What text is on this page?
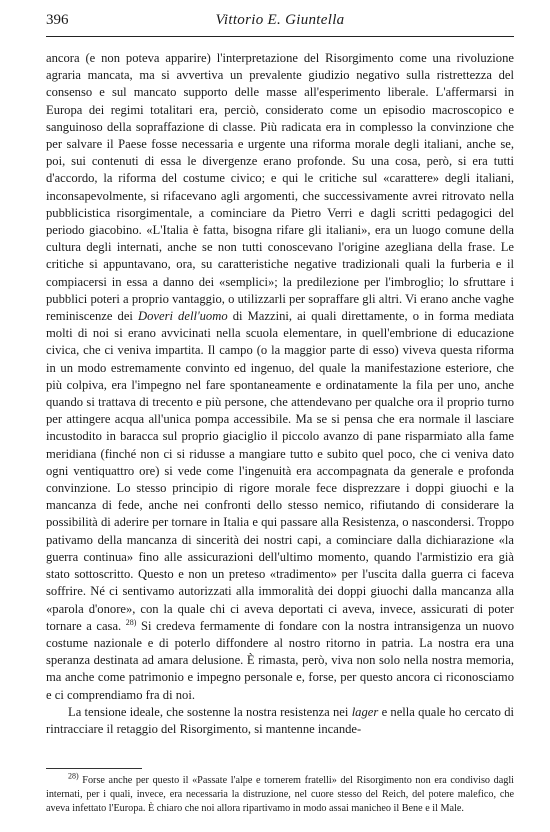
396	Vittorio E. Giuntella

ancora (e non poteva apparire) l'interpretazione del Risorgimento come una rivoluzione agraria mancata, ma si avvertiva un prevalente giudizio negativo sulla ristrettezza del consenso e sul mancato supporto delle masse all'esperimento liberale. L'affermarsi in Europa dei regimi totalitari era, perciò, considerato come un episodio macroscopico e sanguinoso della sopraffazione di classe. Più radicata era in complesso la convinzione che per salvare il Paese fosse necessaria e urgente una riforma morale degli italiani, anche se, poi, sui contenuti di essa le divergenze erano profonde. Su una cosa, però, si era tutti d'accordo, la riforma del costume civico; e qui le critiche sul «carattere» degli italiani, inconsapevolmente, si rifacevano agli argomenti, che successivamente avrei ritrovato nella pubblicistica risorgimentale, a cominciare da Pietro Verri e dagli scritti pedagogici del periodo giacobino. «L'Italia è fatta, bisogna rifare gli italiani», era un luogo comune della cultura degli internati, anche se non tutti conoscevano l'origine azegliana della frase. Le critiche si appuntavano, ora, su caratteristiche negative tradizionali quali la furberia e il compiacersi in essa a danno dei «semplici»; la predilezione per l'imbroglio; lo sfruttare i pubblici poteri a proprio vantaggio, o utilizzarli per sopraffare gli altri. Vi erano anche vaghe reminiscenze dei Doveri dell'uomo di Mazzini, ai quali direttamente, o in forma mediata molti di noi si erano avvicinati nella scuola elementare, in quell'embrione di educazione civica, che ci veniva impartita. Il campo (o la maggior parte di esso) viveva questa riforma in un modo estremamente convinto ed ingenuo, del quale la manifestazione esteriore, che più colpiva, era l'impegno nel fare spontaneamente e ordinatamente la fila per uno, anche quando si trattava di trecento e più persone, che attendevano per qualche ora il proprio turno per attingere acqua all'unica pompa accessibile. Ma se si pensa che era normale il lasciare incustodito in baracca sul proprio giaciglio il piccolo avanzo di pane risparmiato alla fame meridiana (finché non ci si ridusse a mangiare tutto e subito quel poco, che ci veniva dato ogni ventiquattro ore) si vede come l'ingenuità era accompagnata da generale e profonda convinzione. Lo stesso principio di rigore morale fece disprezzare i doppi giuochi e la mancanza di fede, anche nei confronti dello stesso nemico, rifiutando di considerare la possibilità di aderire per tornare in Italia e qui passare alla Resistenza, o nascondersi. Troppo pativamo della mancanza di sincerità dei nostri capi, a cominciare dalla dichiarazione «la guerra continua» fino alle assicurazioni dell'ultimo momento, quando l'armistizio era già stato sottoscritto. Questo e non un preteso «tradimento» per l'uscita dalla guerra ci faceva soffrire. Né ci sentivamo autorizzati alla immoralità dei doppi giuochi dalla mancanza alla «parola d'onore», con la quale chi ci aveva deportati ci aveva, invece, assicurati di poter tornare a casa. $^{28)}$ Si credeva fermamente di fondare con la nostra intransigenza un nuovo costume nazionale e di poterlo diffondere al nostro ritorno in patria. La nostra era una speranza destinata ad amara delusione. È rimasta, però, viva non solo nella nostra memoria, ma anche come patrimonio e impegno personale e, forse, per questo ancora ci riconosciamo e ci comprendiamo fra di noi.

La tensione ideale, che sostenne la nostra resistenza nei lager e nella quale ho cercato di rintracciare il retaggio del Risorgimento, si mantenne incande-

$^{28)}$ Forse anche per questo il «Passate l'alpe e tornerem fratelli» del Risorgimento non era condiviso dagli internati, per i quali, invece, era necessaria la distruzione, nel cuore stesso del Reich, del potere malefico, che aveva infettato l'Europa. È chiaro che noi allora ripartivamo in modo assai manicheo il Bene e il Male.
